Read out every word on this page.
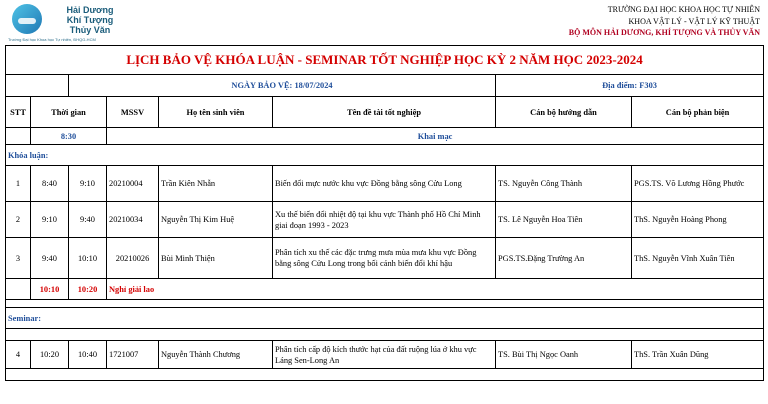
Hải Dương
Khí Tượng
Thủy Văn
Trường Đại học Khoa học Tự nhiên, ĐHQG-HCM
TRƯỜNG ĐẠI HỌC KHOA HỌC TỰ NHIÊN
KHOA VẬT LÝ - VẬT LÝ KỸ THUẬT
BỘ MÔN HẢI DƯƠNG, KHÍ TƯỢNG VÀ THỦY VĂN
LỊCH BẢO VỆ KHÓA LUẬN - SEMINAR TỐT NGHIỆP HỌC KỲ 2 NĂM HỌC 2023-2024							
		NGÀY BẢO VỆ: 18/07/2024				Địa điểm: F303	
STT	Thời gian		MSSV	Họ tên sinh viên	Tên đề tài tốt nghiệp	Cán bộ hướng dẫn	Cán bộ phản biện
	8:30		Khai mạc				
Khóa luận:							
1	8:40	9:10	20210004	Trần Kiên Nhẫn	Biến đổi mực nước khu vực Đồng bằng sông Cửu Long	TS. Nguyễn Công Thành	PGS.TS. Võ Lương Hồng Phước
2	9:10	9:40	20210034	Nguyễn Thị Kim Huệ	Xu thế biến đổi nhiệt độ tại khu vực Thành phố Hồ Chí Minh giai đoạn 1993 - 2023	TS. Lê Nguyễn Hoa Tiên	ThS. Nguyễn Hoàng Phong
3	9:40	10:10	20210026	Bùi Minh Thiện	Phân tích xu thế các đặc trưng mưa mùa mưa khu vực Đồng bằng sông Cửu Long trong bối cảnh biến đổi khí hậu	PGS.TS.Đặng Trường An	ThS. Nguyễn Vĩnh Xuân Tiên
	10:10	10:20	Nghỉ giải lao				

Seminar:							

4	10:20	10:40	1721007	Nguyễn Thành Chương	Phân tích cấp độ kích thước hạt của đất ruộng lúa ở khu vực Láng Sen-Long An	TS. Bùi Thị Ngọc Oanh	ThS. Trần Xuân Dũng
